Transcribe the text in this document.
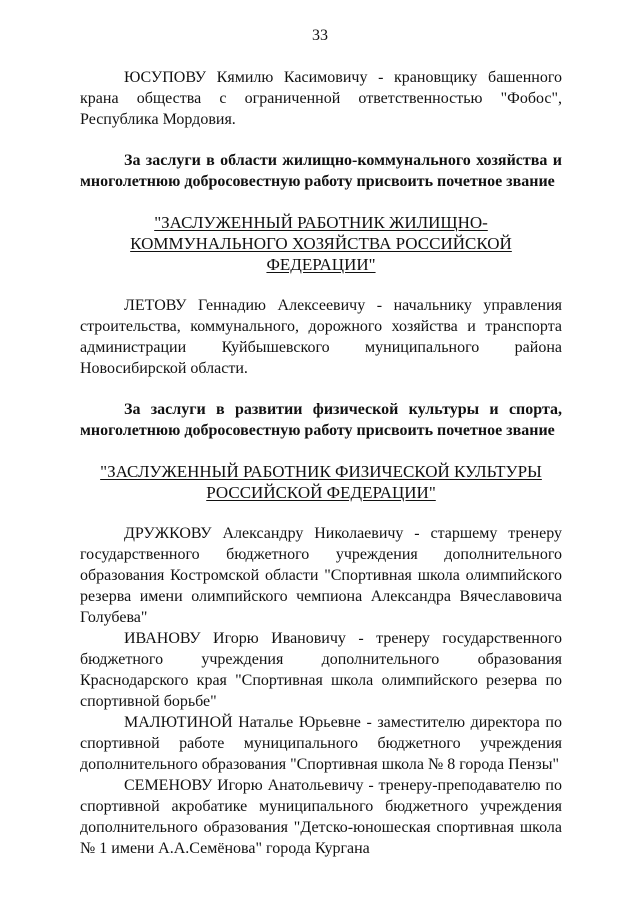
33

ЮСУПОВУ Кямилю Касимовичу - крановщику башенного крана общества с ограниченной ответственностью "Фобос", Республика Мордовия.

За заслуги в области жилищно-коммунального хозяйства и многолетнюю добросовестную работу присвоить почетное звание

"ЗАСЛУЖЕННЫЙ РАБОТНИК ЖИЛИЩНО-КОММУНАЛЬНОГО ХОЗЯЙСТВА РОССИЙСКОЙ ФЕДЕРАЦИИ"

ЛЕТОВУ Геннадию Алексеевичу - начальнику управления строительства, коммунального, дорожного хозяйства и транспорта администрации Куйбышевского муниципального района Новосибирской области.

За заслуги в развитии физической культуры и спорта, многолетнюю добросовестную работу присвоить почетное звание

"ЗАСЛУЖЕННЫЙ РАБОТНИК ФИЗИЧЕСКОЙ КУЛЬТУРЫ РОССИЙСКОЙ ФЕДЕРАЦИИ"

ДРУЖКОВУ Александру Николаевичу - старшему тренеру государственного бюджетного учреждения дополнительного образования Костромской области "Спортивная школа олимпийского резерва имени олимпийского чемпиона Александра Вячеславовича Голубева"

ИВАНОВУ Игорю Ивановичу - тренеру государственного бюджетного учреждения дополнительного образования Краснодарского края "Спортивная школа олимпийского резерва по спортивной борьбе"

МАЛЮТИНОЙ Наталье Юрьевне - заместителю директора по спортивной работе муниципального бюджетного учреждения дополнительного образования "Спортивная школа № 8 города Пензы"

СЕМЕНОВУ Игорю Анатольевичу - тренеру-преподавателю по спортивной акробатике муниципального бюджетного учреждения дополнительного образования "Детско-юношеская спортивная школа № 1 имени А.А.Семёнова" города Кургана
